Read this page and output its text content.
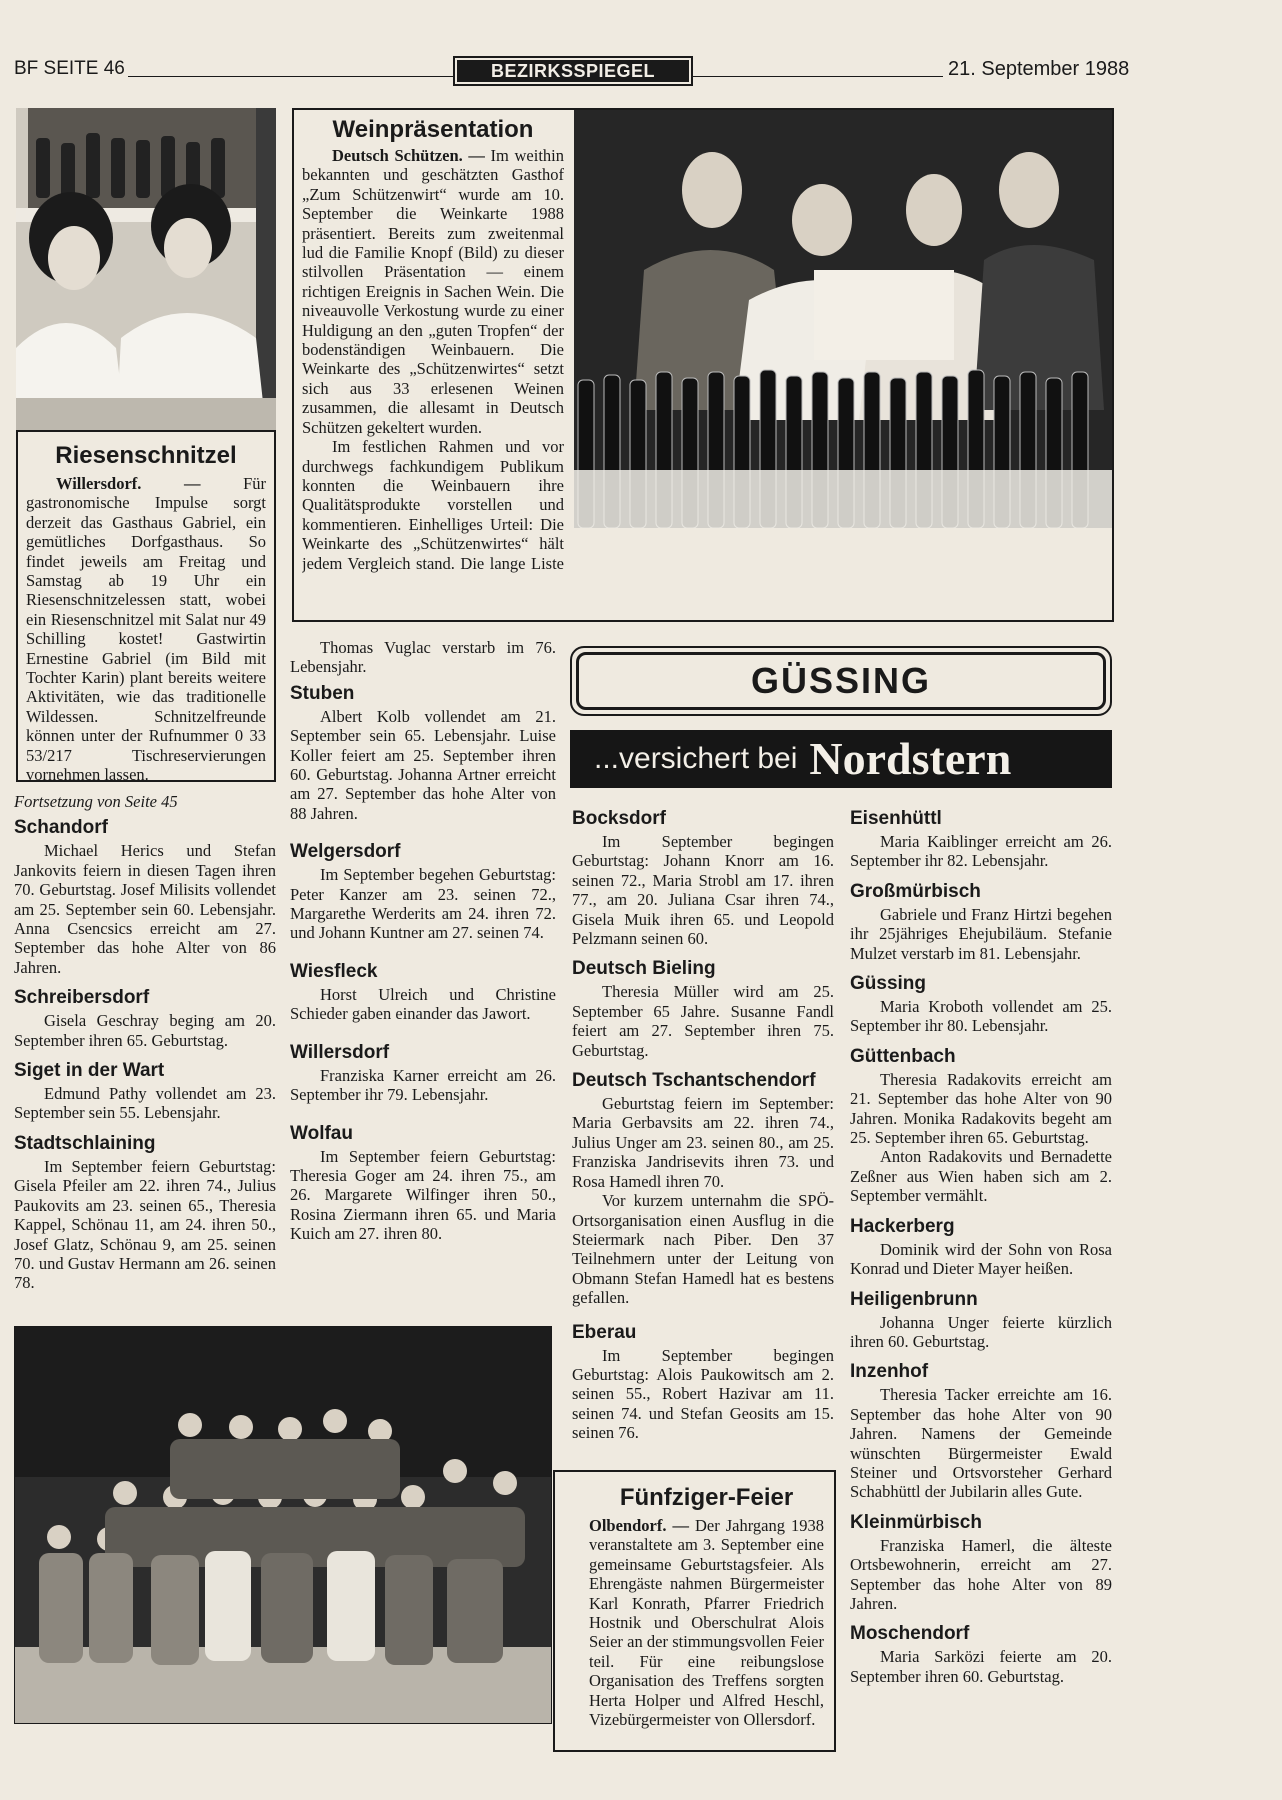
BF SEITE 46	BEZIRKSSPIEGEL	21. September 1988
Riesenschnitzel

Willersdorf. — Für gastronomische Impulse sorgt derzeit das Gasthaus Gabriel, ein gemütliches Dorfgasthaus. So findet jeweils am Freitag und Samstag ab 19 Uhr ein Riesenschnitzelessen statt, wobei ein Riesenschnitzel mit Salat nur 49 Schilling kostet! Gastwirtin Ernestine Gabriel (im Bild mit Tochter Karin) plant bereits weitere Aktivitäten, wie das traditionelle Wildessen. Schnitzelfreunde können unter der Rufnummer 0 33 53/217 Tischreservierungen vornehmen lassen.

Weinpräsentation

Deutsch Schützen. — Im weithin bekannten und geschätzten Gasthof „Zum Schützenwirt“ wurde am 10. September die Weinkarte 1988 präsentiert. Bereits zum zweitenmal lud die Familie Knopf (Bild) zu dieser stilvollen Präsentation — einem richtigen Ereignis in Sachen Wein. Die niveauvolle Verkostung wurde zu einer Huldigung an den „guten Tropfen“ der bodenständigen Weinbauern. Die Weinkarte des „Schützenwirtes“ setzt sich aus 33 erlesenen Weinen zusammen, die allesamt in Deutsch Schützen gekeltert wurden.

Im festlichen Rahmen und vor durchwegs fachkundigem Publikum konnten die Weinbauern ihre Qualitätsprodukte vorstellen und kommentieren. Einhelliges Urteil: Die Weinkarte des „Schützenwirtes“ hält jedem Vergleich stand. Die lange Liste

Fortsetzung von Seite 45
Schandorf

Michael Herics und Stefan Jankovits feiern in diesen Tagen ihren 70. Geburtstag. Josef Milisits vollendet am 25. September sein 60. Lebensjahr. Anna Csencsics erreicht am 27. September das hohe Alter von 86 Jahren.

Schreibersdorf

Gisela Geschray beging am 20. September ihren 65. Geburtstag.

Siget in der Wart

Edmund Pathy vollendet am 23. September sein 55. Lebensjahr.

Stadtschlaining

Im September feiern Geburtstag: Gisela Pfeiler am 22. ihren 74., Julius Paukovits am 23. seinen 65., Theresia Kappel, Schönau 11, am 24. ihren 50., Josef Glatz, Schönau 9, am 25. seinen 70. und Gustav Hermann am 26. seinen 78.

Thomas Vuglac verstarb im 76. Lebensjahr.

Stuben

Albert Kolb vollendet am 21. September sein 65. Lebensjahr. Luise Koller feiert am 25. September ihren 60. Geburtstag. Johanna Artner erreicht am 27. September das hohe Alter von 88 Jahren.

Welgersdorf

Im September begehen Geburtstag: Peter Kanzer am 23. seinen 72., Margarethe Werderits am 24. ihren 72. und Johann Kuntner am 27. seinen 74.

Wiesfleck

Horst Ulreich und Christine Schieder gaben einander das Jawort.

Willersdorf

Franziska Karner erreicht am 26. September ihr 79. Lebensjahr.

Wolfau

Im September feiern Geburtstag: Theresia Goger am 24. ihren 75., am 26. Margarete Wilfinger ihren 50., Rosina Ziermann ihren 65. und Maria Kuich am 27. ihren 80.

GÜSSING
...versichert bei Nordstern
Bocksdorf

Im September begingen Geburtstag: Johann Knorr am 16. seinen 72., Maria Strobl am 17. ihren 77., am 20. Juliana Csar ihren 74., Gisela Muik ihren 65. und Leopold Pelzmann seinen 60.

Deutsch Bieling

Theresia Müller wird am 25. September 65 Jahre. Susanne Fandl feiert am 27. September ihren 75. Geburtstag.

Deutsch Tschantschendorf

Geburtstag feiern im September: Maria Gerbavsits am 22. ihren 74., Julius Unger am 23. seinen 80., am 25. Franziska Jandrisevits ihren 73. und Rosa Hamedl ihren 70.

Vor kurzem unternahm die SPÖ-Ortsorganisation einen Ausflug in die Steiermark nach Piber. Den 37 Teilnehmern unter der Leitung von Obmann Stefan Hamedl hat es bestens gefallen.

Eberau

Im September begingen Geburtstag: Alois Paukowitsch am 2. seinen 55., Robert Hazivar am 11. seinen 74. und Stefan Geosits am 15. seinen 76.

Fünfziger-Feier

Olbendorf. — Der Jahrgang 1938 veranstaltete am 3. September eine gemeinsame Geburtstagsfeier. Als Ehrengäste nahmen Bürgermeister Karl Konrath, Pfarrer Friedrich Hostnik und Oberschulrat Alois Seier an der stimmungsvollen Feier teil. Für eine reibungslose Organisation des Treffens sorgten Herta Holper und Alfred Heschl, Vizebürgermeister von Ollersdorf.

Eisenhüttl

Maria Kaiblinger erreicht am 26. September ihr 82. Lebensjahr.

Großmürbisch

Gabriele und Franz Hirtzi begehen ihr 25jähriges Ehejubiläum. Stefanie Mulzet verstarb im 81. Lebensjahr.

Güssing

Maria Kroboth vollendet am 25. September ihr 80. Lebensjahr.

Güttenbach

Theresia Radakovits erreicht am 21. September das hohe Alter von 90 Jahren. Monika Radakovits begeht am 25. September ihren 65. Geburtstag.

Anton Radakovits und Bernadette Zeßner aus Wien haben sich am 2. September vermählt.

Hackerberg

Dominik wird der Sohn von Rosa Konrad und Dieter Mayer heißen.

Heiligenbrunn

Johanna Unger feierte kürzlich ihren 60. Geburtstag.

Inzenhof

Theresia Tacker erreichte am 16. September das hohe Alter von 90 Jahren. Namens der Gemeinde wünschten Bürgermeister Ewald Steiner und Ortsvorsteher Gerhard Schabhüttl der Jubilarin alles Gute.

Kleinmürbisch

Franziska Hamerl, die älteste Ortsbewohnerin, erreicht am 27. September das hohe Alter von 89 Jahren.

Moschendorf

Maria Sarközi feierte am 20. September ihren 60. Geburtstag.
